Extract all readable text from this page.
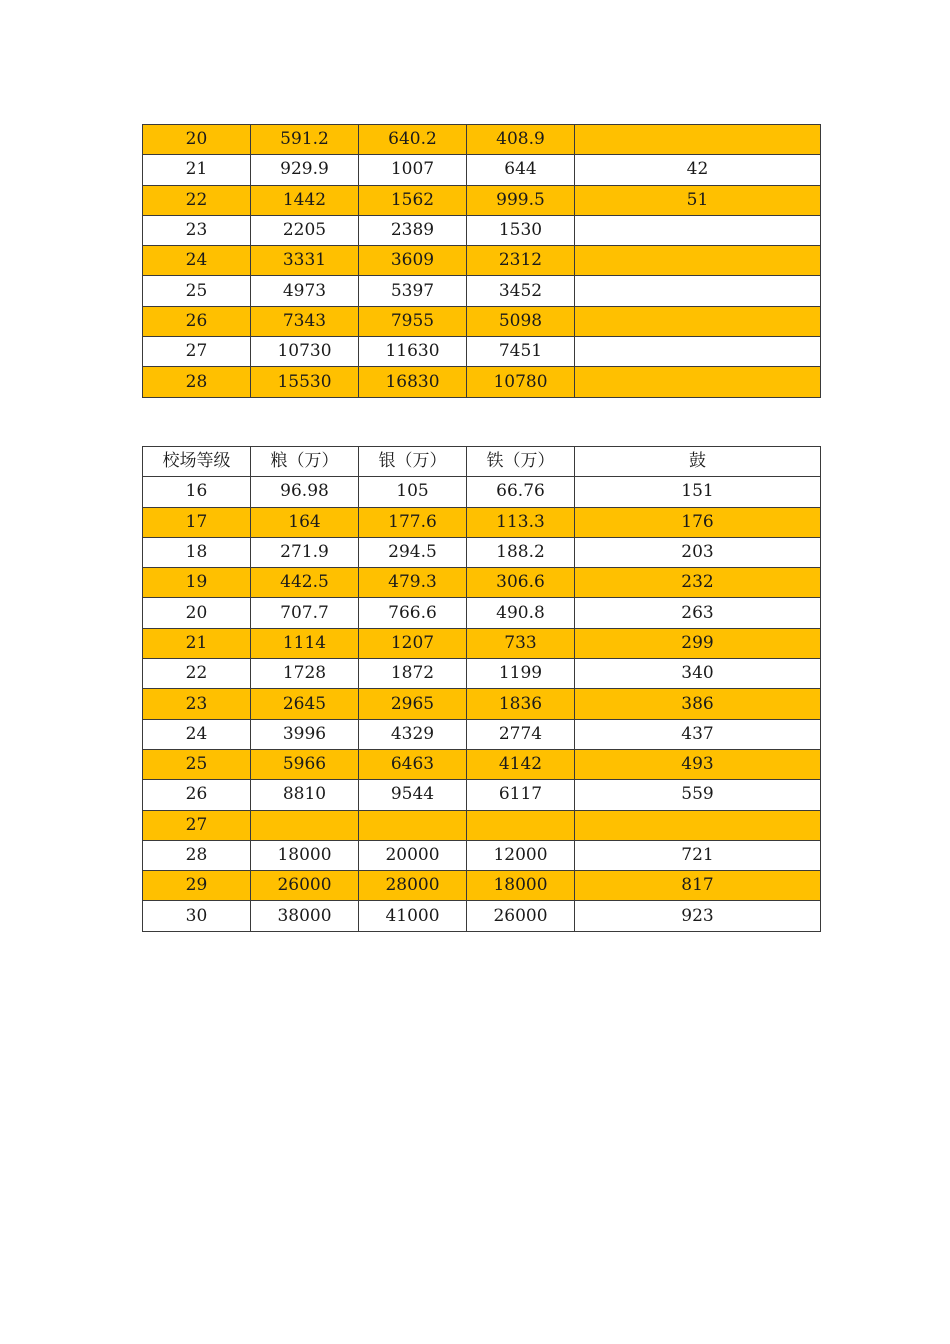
20	591.2	640.2	408.9	
21	929.9	1007	644	42
22	1442	1562	999.5	51
23	2205	2389	1530	
24	3331	3609	2312	
25	4973	5397	3452	
26	7343	7955	5098	
27	10730	11630	7451	
28	15530	16830	10780	
校场等级	粮（万）	银（万）	铁（万）	鼓
16	96.98	105	66.76	151
17	164	177.6	113.3	176
18	271.9	294.5	188.2	203
19	442.5	479.3	306.6	232
20	707.7	766.6	490.8	263
21	1114	1207	733	299
22	1728	1872	1199	340
23	2645	2965	1836	386
24	3996	4329	2774	437
25	5966	6463	4142	493
26	8810	9544	6117	559
27				
28	18000	20000	12000	721
29	26000	28000	18000	817
30	38000	41000	26000	923
